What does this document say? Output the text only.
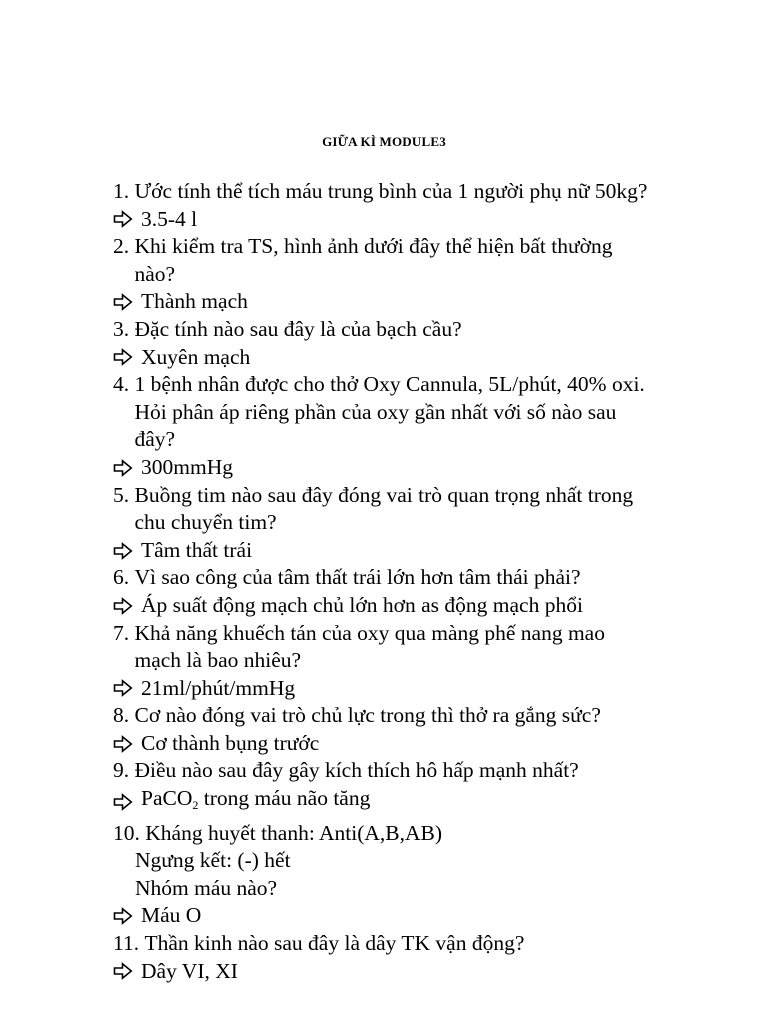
GIỮA KÌ MODULE3
1. Ước tính thể tích máu trung bình của 1 người phụ nữ 50kg?
3.5-4 l
2. Khi kiểm tra TS, hình ảnh dưới đây thể hiện bất thường
nào?
Thành mạch
3. Đặc tính nào sau đây là của bạch cầu?
Xuyên mạch
4. 1 bệnh nhân được cho thở Oxy Cannula, 5L/phút, 40% oxi.
Hỏi phân áp riêng phần của oxy gần nhất với số nào sau
đây?
300mmHg
5. Buồng tim nào sau đây đóng vai trò quan trọng nhất trong
chu chuyển tim?
Tâm thất trái
6. Vì sao công của tâm thất trái lớn hơn tâm thái phải?
Áp suất động mạch chủ lớn hơn as động mạch phổi
7. Khả năng khuếch tán của oxy qua màng phế nang mao
mạch là bao nhiêu?
21ml/phút/mmHg
8. Cơ nào đóng vai trò chủ lực trong thì thở ra gắng sức?
Cơ thành bụng trước
9. Điều nào sau đây gây kích thích hô hấp mạnh nhất?
PaCO$_2$ trong máu não tăng
10. Kháng huyết thanh: Anti(A,B,AB)
Ngưng kết: (-) hết
Nhóm máu nào?
Máu O
11. Thần kinh nào sau đây là dây TK vận động?
Dây VI, XI
